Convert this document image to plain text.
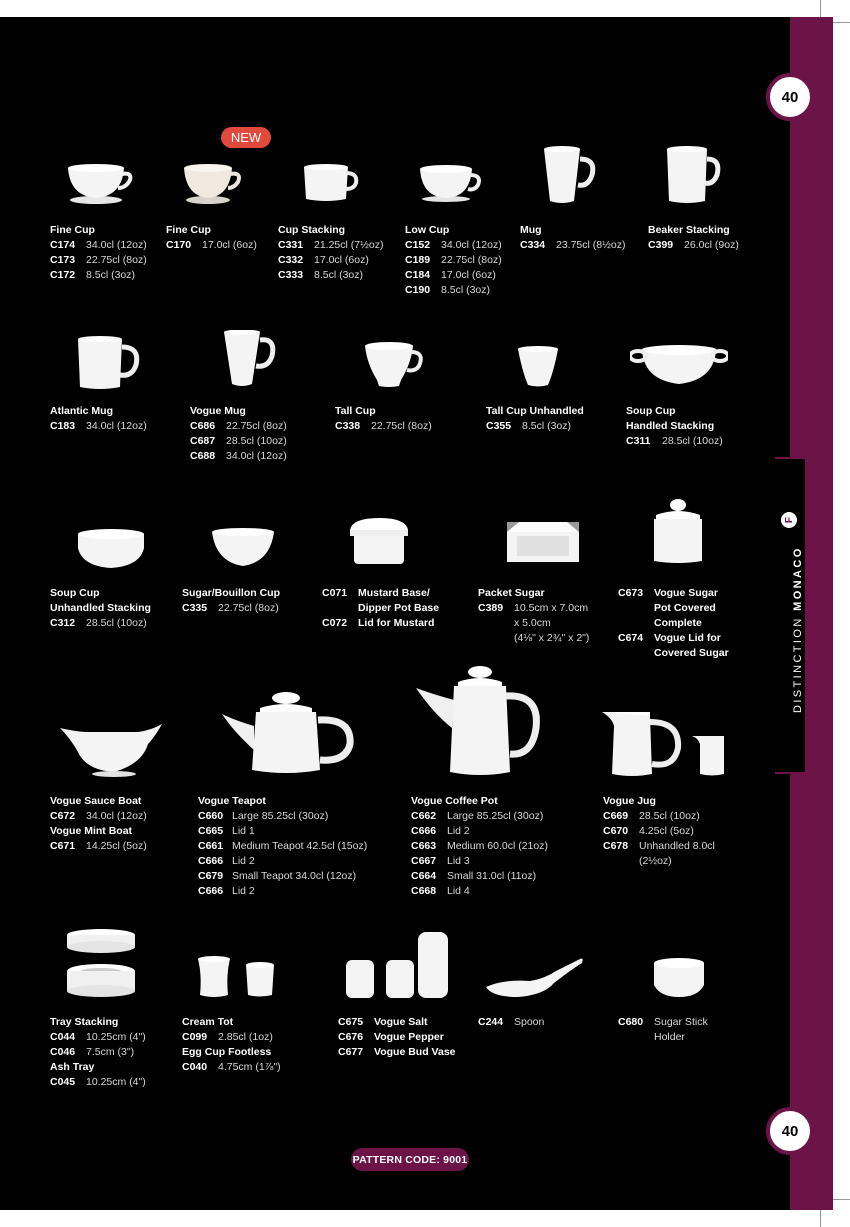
40
40
DISTINCTION MONACO
F
NEW
Fine Cup
C174 34.0cl (12oz)
C173 22.75cl (8oz)
C172 8.5cl (3oz)
Fine Cup
C170 17.0cl (6oz)
Cup Stacking
C331 21.25cl (7½oz)
C332 17.0cl (6oz)
C333 8.5cl (3oz)
Low Cup
C152 34.0cl (12oz)
C189 22.75cl (8oz)
C184 17.0cl (6oz)
C190 8.5cl (3oz)
Mug
C334 23.75cl (8½oz)
Beaker Stacking
C399 26.0cl (9oz)
Atlantic Mug
C183 34.0cl (12oz)
Vogue Mug
C686 22.75cl (8oz)
C687 28.5cl (10oz)
C688 34.0cl (12oz)
Tall Cup
C338 22.75cl (8oz)
Tall Cup Unhandled
C355 8.5cl (3oz)
Soup Cup
Handled Stacking
C311 28.5cl (10oz)
Soup Cup
Unhandled Stacking
C312 28.5cl (10oz)
Sugar/Bouillon Cup
C335 22.75cl (8oz)
C071 Mustard Base/
Dipper Pot Base
C072 Lid for Mustard
Packet Sugar
C389 10.5cm x 7.0cm
x 5.0cm
(4⅛" x 2¾" x 2")
C673 Vogue Sugar
Pot Covered
Complete
C674 Vogue Lid for
Covered Sugar
Vogue Sauce Boat
C672 34.0cl (12oz)
Vogue Mint Boat
C671 14.25cl (5oz)
Vogue Teapot
C660 Large 85.25cl (30oz)
C665 Lid 1
C661 Medium Teapot 42.5cl (15oz)
C666 Lid 2
C679 Small Teapot 34.0cl (12oz)
C666 Lid 2
Vogue Coffee Pot
C662 Large 85.25cl (30oz)
C666 Lid 2
C663 Medium 60.0cl (21oz)
C667 Lid 3
C664 Small 31.0cl (11oz)
C668 Lid 4
Vogue Jug
C669 28.5cl (10oz)
C670 4.25cl (5oz)
C678 Unhandled 8.0cl
(2½oz)
Tray Stacking
C044 10.25cm (4")
C046 7.5cm (3")
Ash Tray
C045 10.25cm (4")
Cream Tot
C099 2.85cl (1oz)
Egg Cup Footless
C040 4.75cm (1⅞")
C675 Vogue Salt
C676 Vogue Pepper
C677 Vogue Bud Vase
C244 Spoon	C680 Sugar Stick
Holder
PATTERN CODE: 9001
